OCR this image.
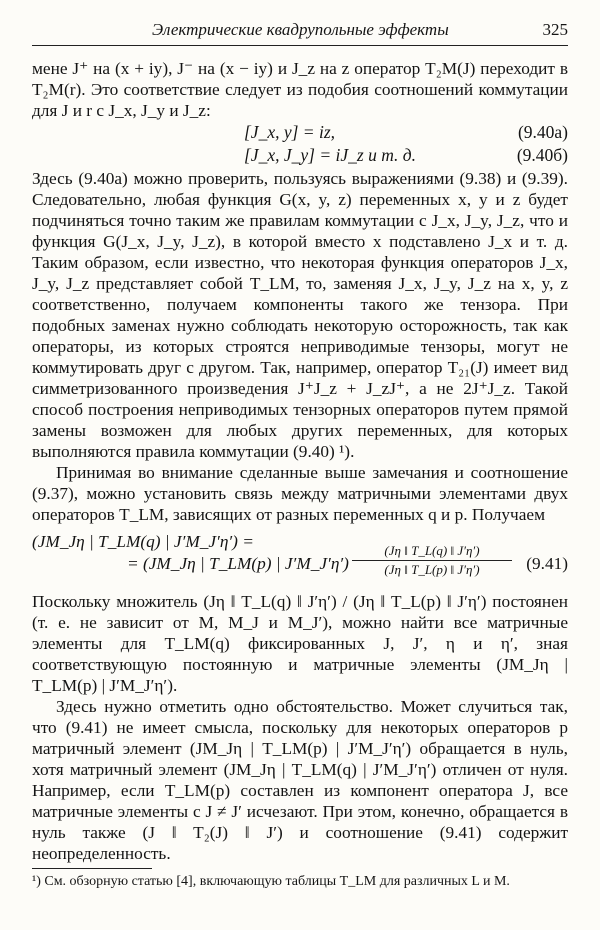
Электрические квадрупольные эффекты	325

мене J⁺ на (x + iy), J⁻ на (x − iy) и J_z на z оператор T₂M(J) переходит в T₂M(r). Это соответствие следует из подобия соотношений коммутации для J и r с J_x, J_y и J_z:

[J_x, y] = iz,	(9.40а)
[J_x, J_y] = iJ_z и т. д.	(9.40б)

Здесь (9.40а) можно проверить, пользуясь выражениями (9.38) и (9.39). Следовательно, любая функция G(x, y, z) переменных x, y и z будет подчиняться точно таким же правилам коммутации с J_x, J_y, J_z, что и функция G(J_x, J_y, J_z), в которой вместо x подставлено J_x и т. д. Таким образом, если известно, что некоторая функция операторов J_x, J_y, J_z представляет собой T_LM, то, заменяя J_x, J_y, J_z на x, y, z соответственно, получаем компоненты такого же тензора. При подобных заменах нужно соблюдать некоторую осторожность, так как операторы, из которых строятся неприводимые тензоры, могут не коммутировать друг с другом. Так, например, оператор T₂₁(J) имеет вид симметризованного произведения J⁺J_z + J_zJ⁺, а не 2J⁺J_z. Такой способ построения неприводимых тензорных операторов путем прямой замены возможен для любых других переменных, для которых выполняются правила коммутации (9.40) ¹).

Принимая во внимание сделанные выше замечания и соотношение (9.37), можно установить связь между матричными элементами двух операторов T_LM, зависящих от разных переменных q и p. Получаем

(JM_Jη | T_LM(q) | J′M_J′η′) =
= (JM_Jη | T_LM(p) | J′M_J′η′)
(Jη ‖ T_L(q) ‖ J′η′)
(Jη ‖ T_L(p) ‖ J′η′)	(9.41)

Поскольку множитель (Jη ‖ T_L(q) ‖ J′η′) / (Jη ‖ T_L(p) ‖ J′η′) постоянен (т. е. не зависит от M, M_J и M_J′), можно найти все матричные элементы для T_LM(q) фиксированных J, J′, η и η′, зная соответствующую постоянную и матричные элементы (JM_Jη | T_LM(p) | J′M_J′η′).

Здесь нужно отметить одно обстоятельство. Может случиться так, что (9.41) не имеет смысла, поскольку для некоторых операторов p матричный элемент (JM_Jη | T_LM(p) | J′M_J′η′) обращается в нуль, хотя матричный элемент (JM_Jη | T_LM(q) | J′M_J′η′) отличен от нуля. Например, если T_LM(p) составлен из компонент оператора J, все матричные элементы с J ≠ J′ исчезают. При этом, конечно, обращается в нуль также (J ‖ T₂(J) ‖ J′) и соотношение (9.41) содержит неопределенность.

¹) См. обзорную статью [4], включающую таблицы T_LM для различных L и M.
